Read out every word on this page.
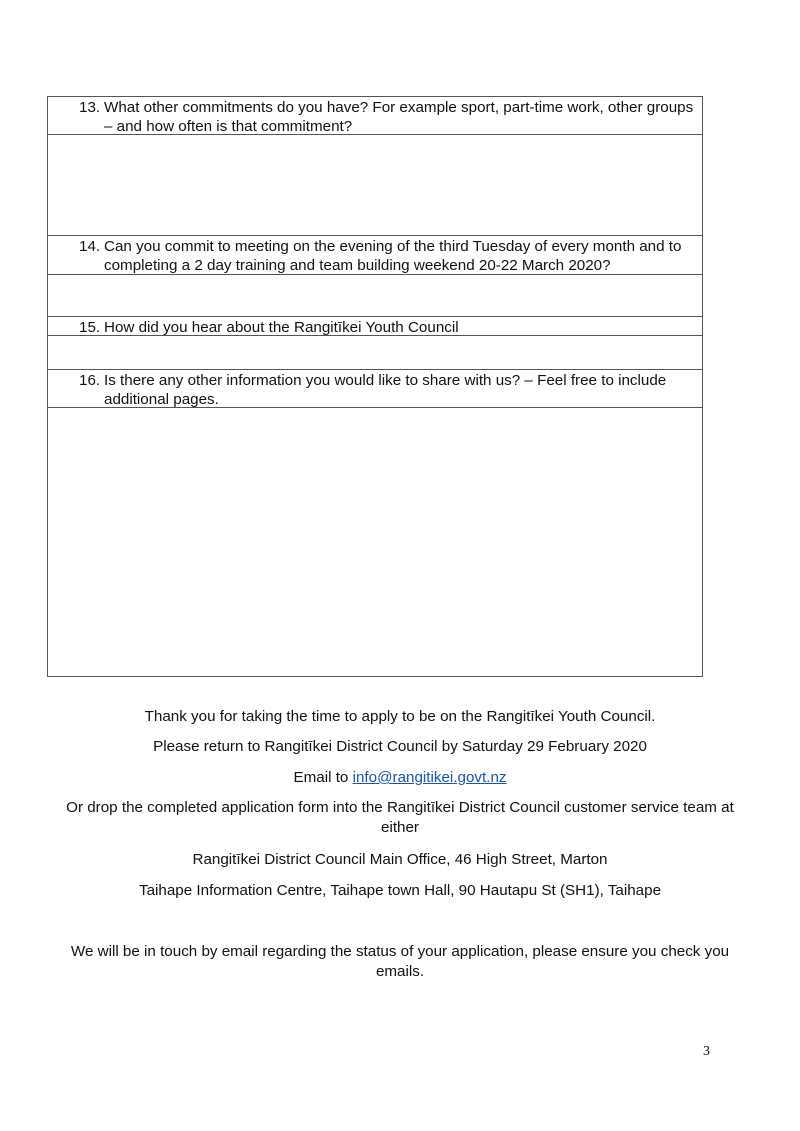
13. What other commitments do you have? For example sport, part-time work, other groups – and how often is that commitment?
14. Can you commit to meeting on the evening of the third Tuesday of every month and to completing a 2 day training and team building weekend 20-22 March 2020?
15. How did you hear about the Rangitīkei Youth Council
16. Is there any other information you would like to share with us? – Feel free to include additional pages.
Thank you for taking the time to apply to be on the Rangitīkei Youth Council.
Please return to Rangitīkei District Council by Saturday 29 February 2020
Email to info@rangitikei.govt.nz
Or drop the completed application form into the Rangitīkei District Council customer service team at either
Rangitīkei District Council Main Office, 46 High Street, Marton
Taihape Information Centre, Taihape town Hall, 90 Hautapu St (SH1), Taihape
We will be in touch by email regarding the status of your application, please ensure you check you emails.
3
